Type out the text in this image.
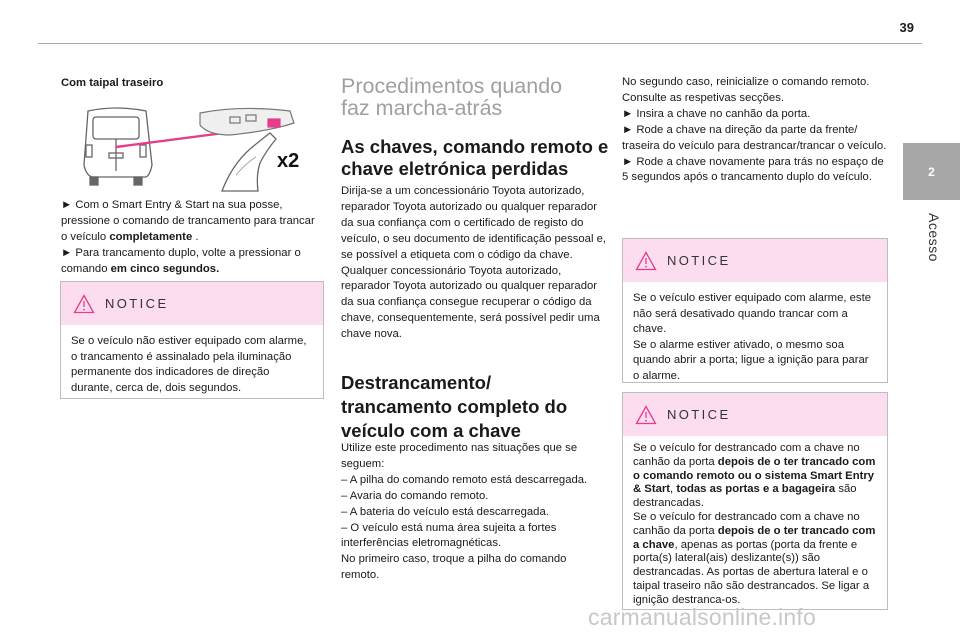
39
2
Acesso

Com taipal traseiro

x2

► Com o Smart Entry & Start na sua posse, pressione o comando de trancamento para trancar o veículo completamente .

► Para trancamento duplo, volte a pressionar o comando em cinco segundos.

NOTICE
Se o veículo não estiver equipado com alarme, o trancamento é assinalado pela iluminação permanente dos indicadores de direção durante, cerca de, dois segundos.
Procedimentos quando faz marcha-atrás
As chaves, comando remoto e chave eletrónica perdidas

Dirija-se a um concessionário Toyota autorizado, reparador Toyota autorizado ou qualquer reparador da sua confiança com o certificado de registo do veículo, o seu documento de identificação pessoal e, se possível a etiqueta com o código da chave.
Qualquer concessionário Toyota autorizado, reparador Toyota autorizado ou qualquer reparador da sua confiança consegue recuperar o código da chave, consequentemente, será possível pedir uma chave nova.

Destrancamento/ trancamento completo do veículo com a chave

Utilize este procedimento nas situações que se seguem:
– A pilha do comando remoto está descarregada.
– Avaria do comando remoto.
– A bateria do veículo está descarregada.
– O veículo está numa área sujeita a fortes interferências eletromagnéticas.
No primeiro caso, troque a pilha do comando remoto.

No segundo caso, reinicialize o comando remoto.
Consulte as respetivas secções.
► Insira a chave no canhão da porta.
► Rode a chave na direção da parte da frente/ traseira do veículo para destrancar/trancar o veículo.
► Rode a chave novamente para trás no espaço de 5 segundos após o trancamento duplo do veículo.

NOTICE
Se o veículo estiver equipado com alarme, este não será desativado quando trancar com a chave.
Se o alarme estiver ativado, o mesmo soa quando abrir a porta; ligue a ignição para parar o alarme.
NOTICE
Se o veículo for destrancado com a chave no canhão da porta depois de o ter trancado com o comando remoto ou o sistema Smart Entry & Start, todas as portas e a bagageira são destrancadas.
Se o veículo for destrancado com a chave no canhão da porta depois de o ter trancado com a chave, apenas as portas (porta da frente e porta(s) lateral(ais) deslizante(s)) são destrancadas. As portas de abertura lateral e o taipal traseiro não são destrancados. Se ligar a ignição destranca-os.
carmanualsonline.info
